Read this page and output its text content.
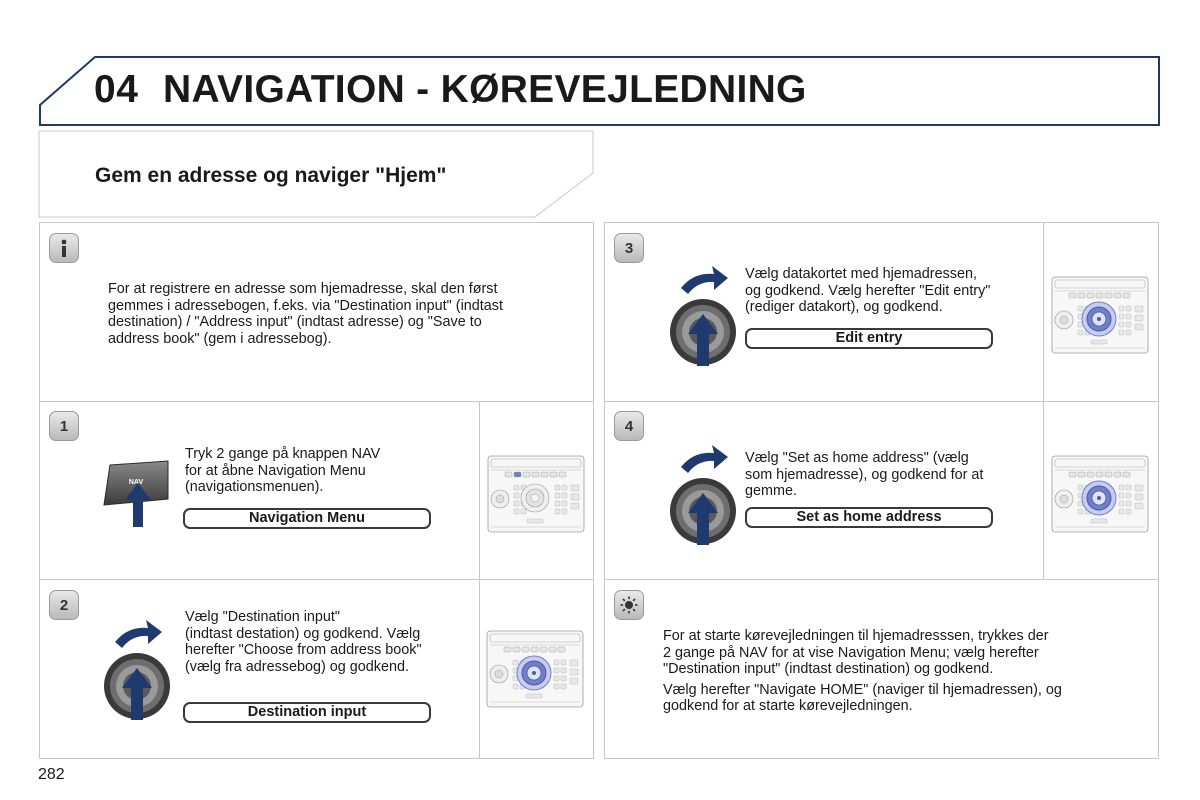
04 NAVIGATION - KØREVEJLEDNING
Gem en adresse og naviger "Hjem"

For at registrere en adresse som hjemadresse, skal den først

gemmes i adressebogen, f.eks. via "Destination input" (indtast

destination) / "Address input" (indtast adresse) og "Save to

address book" (gem i adressebog).

1
NAV

Tryk 2 gange på knappen NAV

for at åbne Navigation Menu

(navigationsmenuen).

Navigation Menu
2

Vælg "Destination input"

(indtast destation) og godkend. Vælg

herefter "Choose from address book"

(vælg fra adressebog) og godkend.

Destination input
3

Vælg datakortet med hjemadressen,

og godkend. Vælg herefter "Edit entry"

(rediger datakort), og godkend.

Edit entry
4

Vælg "Set as home address" (vælg

som hjemadresse), og godkend for at

gemme.

Set as home address

For at starte kørevejledningen til hjemadresssen, trykkes der

2 gange på NAV for at vise Navigation Menu; vælg herefter

"Destination input" (indtast destination) og godkend.

Vælg herefter "Navigate HOME" (naviger til hjemadressen), og

godkend for at starte kørevejledningen.

282
